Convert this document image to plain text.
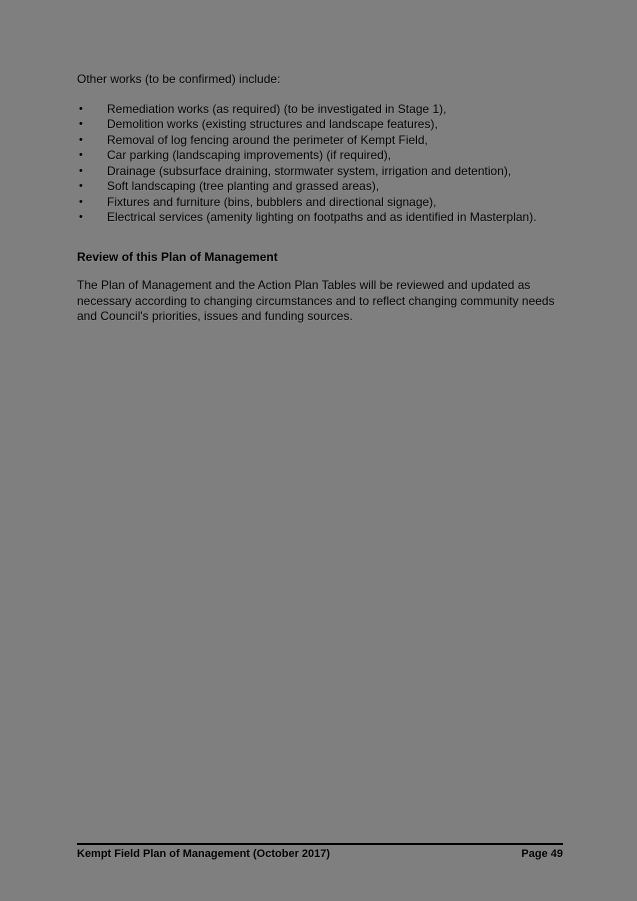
Other works (to be confirmed) include:

•	Remediation works (as required) (to be investigated in Stage 1),
•	Demolition works (existing structures and landscape features),
•	Removal of log fencing around the perimeter of Kempt Field,
•	Car parking (landscaping improvements) (if required),
•	Drainage (subsurface draining, stormwater system, irrigation and detention),
•	Soft landscaping (tree planting and grassed areas),
•	Fixtures and furniture (bins, bubblers and directional signage),
•	Electrical services (amenity lighting on footpaths and as identified in Masterplan).
Review of this Plan of Management

The Plan of Management and the Action Plan Tables will be reviewed and updated as necessary according to changing circumstances and to reflect changing community needs and Council's priorities, issues and funding sources.

Kempt Field Plan of Management (October 2017)	Page 49
